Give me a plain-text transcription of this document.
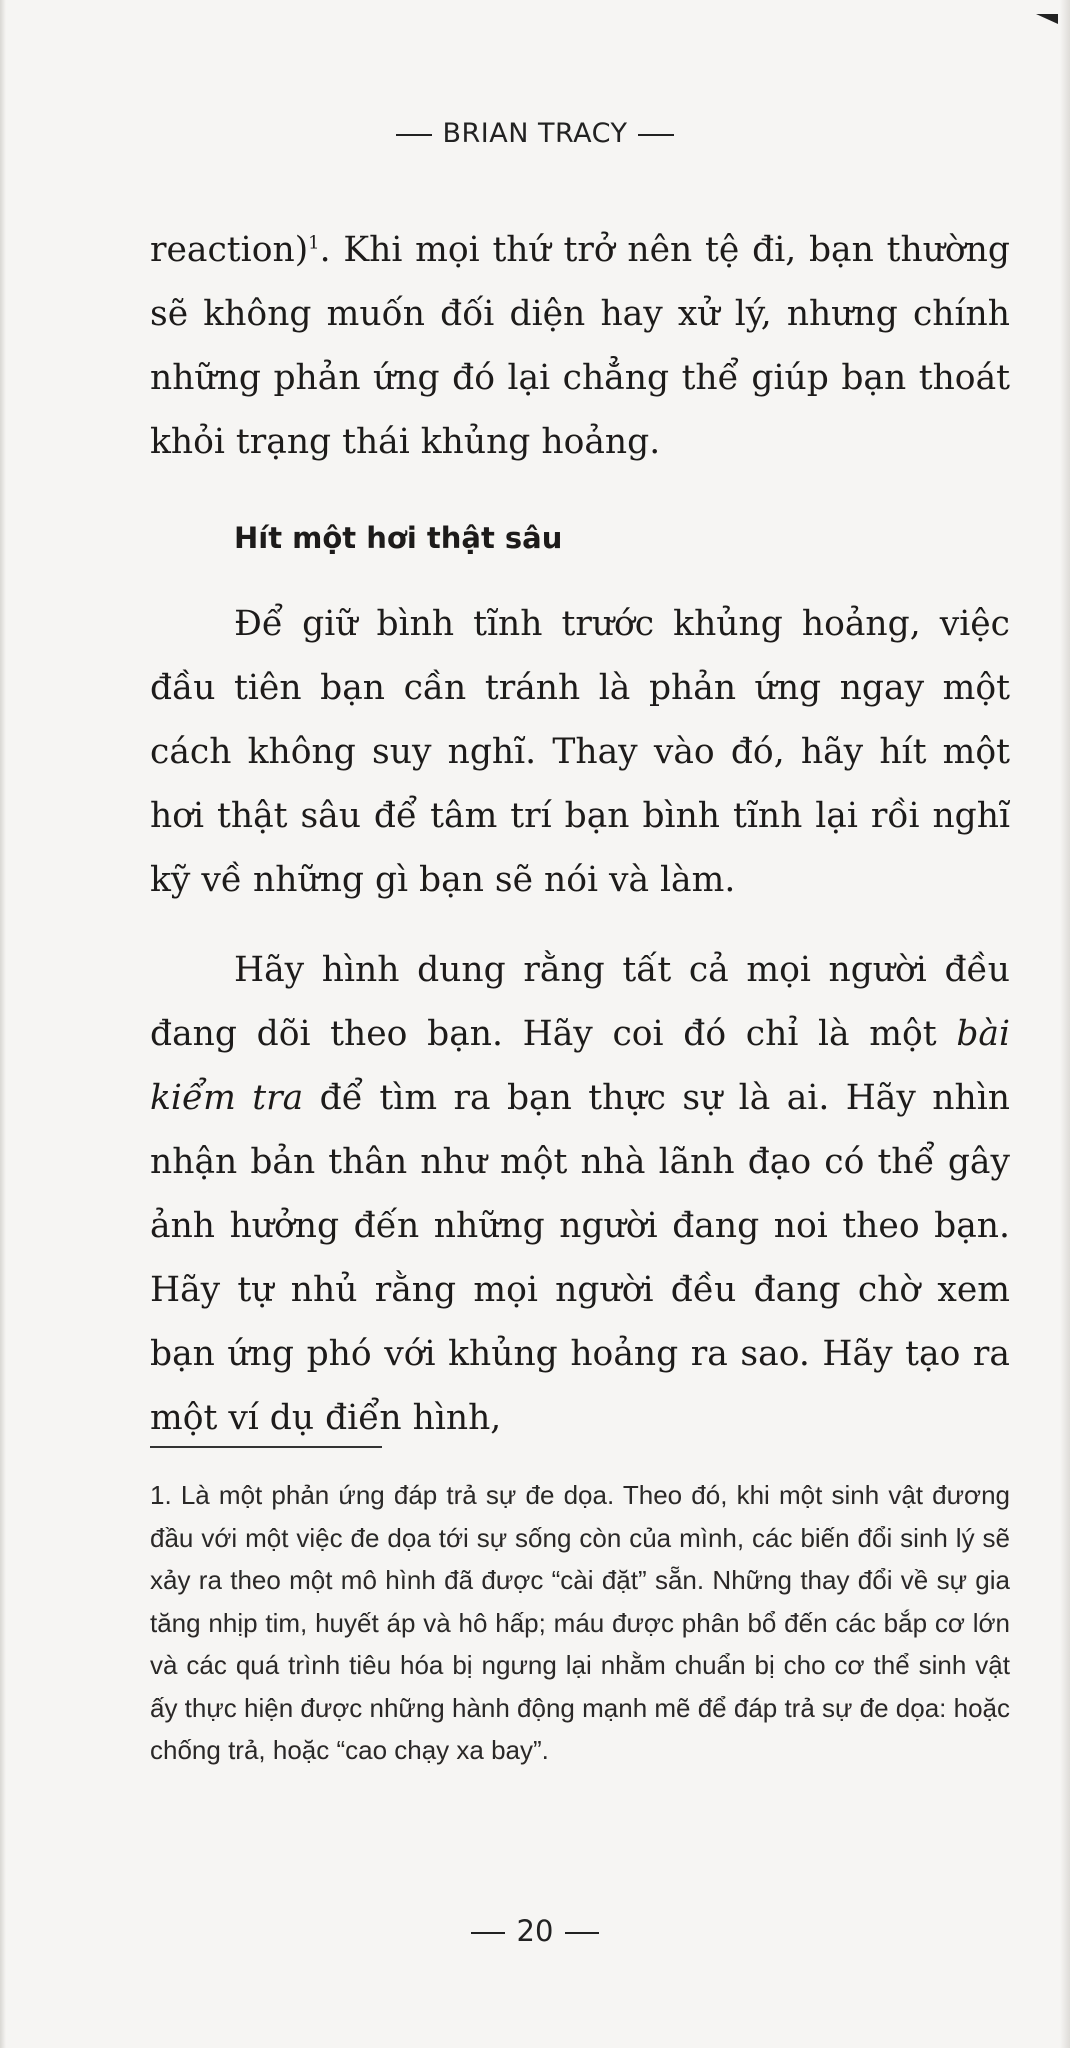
BRIAN TRACY

reaction)$^1$. Khi mọi thứ trở nên tệ đi, bạn thường sẽ không muốn đối diện hay xử lý, nhưng chính những phản ứng đó lại chẳng thể giúp bạn thoát khỏi trạng thái khủng hoảng.

Hít một hơi thật sâu

Để giữ bình tĩnh trước khủng hoảng, việc đầu tiên bạn cần tránh là phản ứng ngay một cách không suy nghĩ. Thay vào đó, hãy hít một hơi thật sâu để tâm trí bạn bình tĩnh lại rồi nghĩ kỹ về những gì bạn sẽ nói và làm.

Hãy hình dung rằng tất cả mọi người đều đang dõi theo bạn. Hãy coi đó chỉ là một bài kiểm tra để tìm ra bạn thực sự là ai. Hãy nhìn nhận bản thân như một nhà lãnh đạo có thể gây ảnh hưởng đến những người đang noi theo bạn. Hãy tự nhủ rằng mọi người đều đang chờ xem bạn ứng phó với khủng hoảng ra sao. Hãy tạo ra một ví dụ điển hình,

1. Là một phản ứng đáp trả sự đe dọa. Theo đó, khi một sinh vật đương đầu với một việc đe dọa tới sự sống còn của mình, các biến đổi sinh lý sẽ xảy ra theo một mô hình đã được “cài đặt” sẵn. Những thay đổi về sự gia tăng nhịp tim, huyết áp và hô hấp; máu được phân bổ đến các bắp cơ lớn và các quá trình tiêu hóa bị ngưng lại nhằm chuẩn bị cho cơ thể sinh vật ấy thực hiện được những hành động mạnh mẽ để đáp trả sự đe dọa: hoặc chống trả, hoặc “cao chạy xa bay”.

20
